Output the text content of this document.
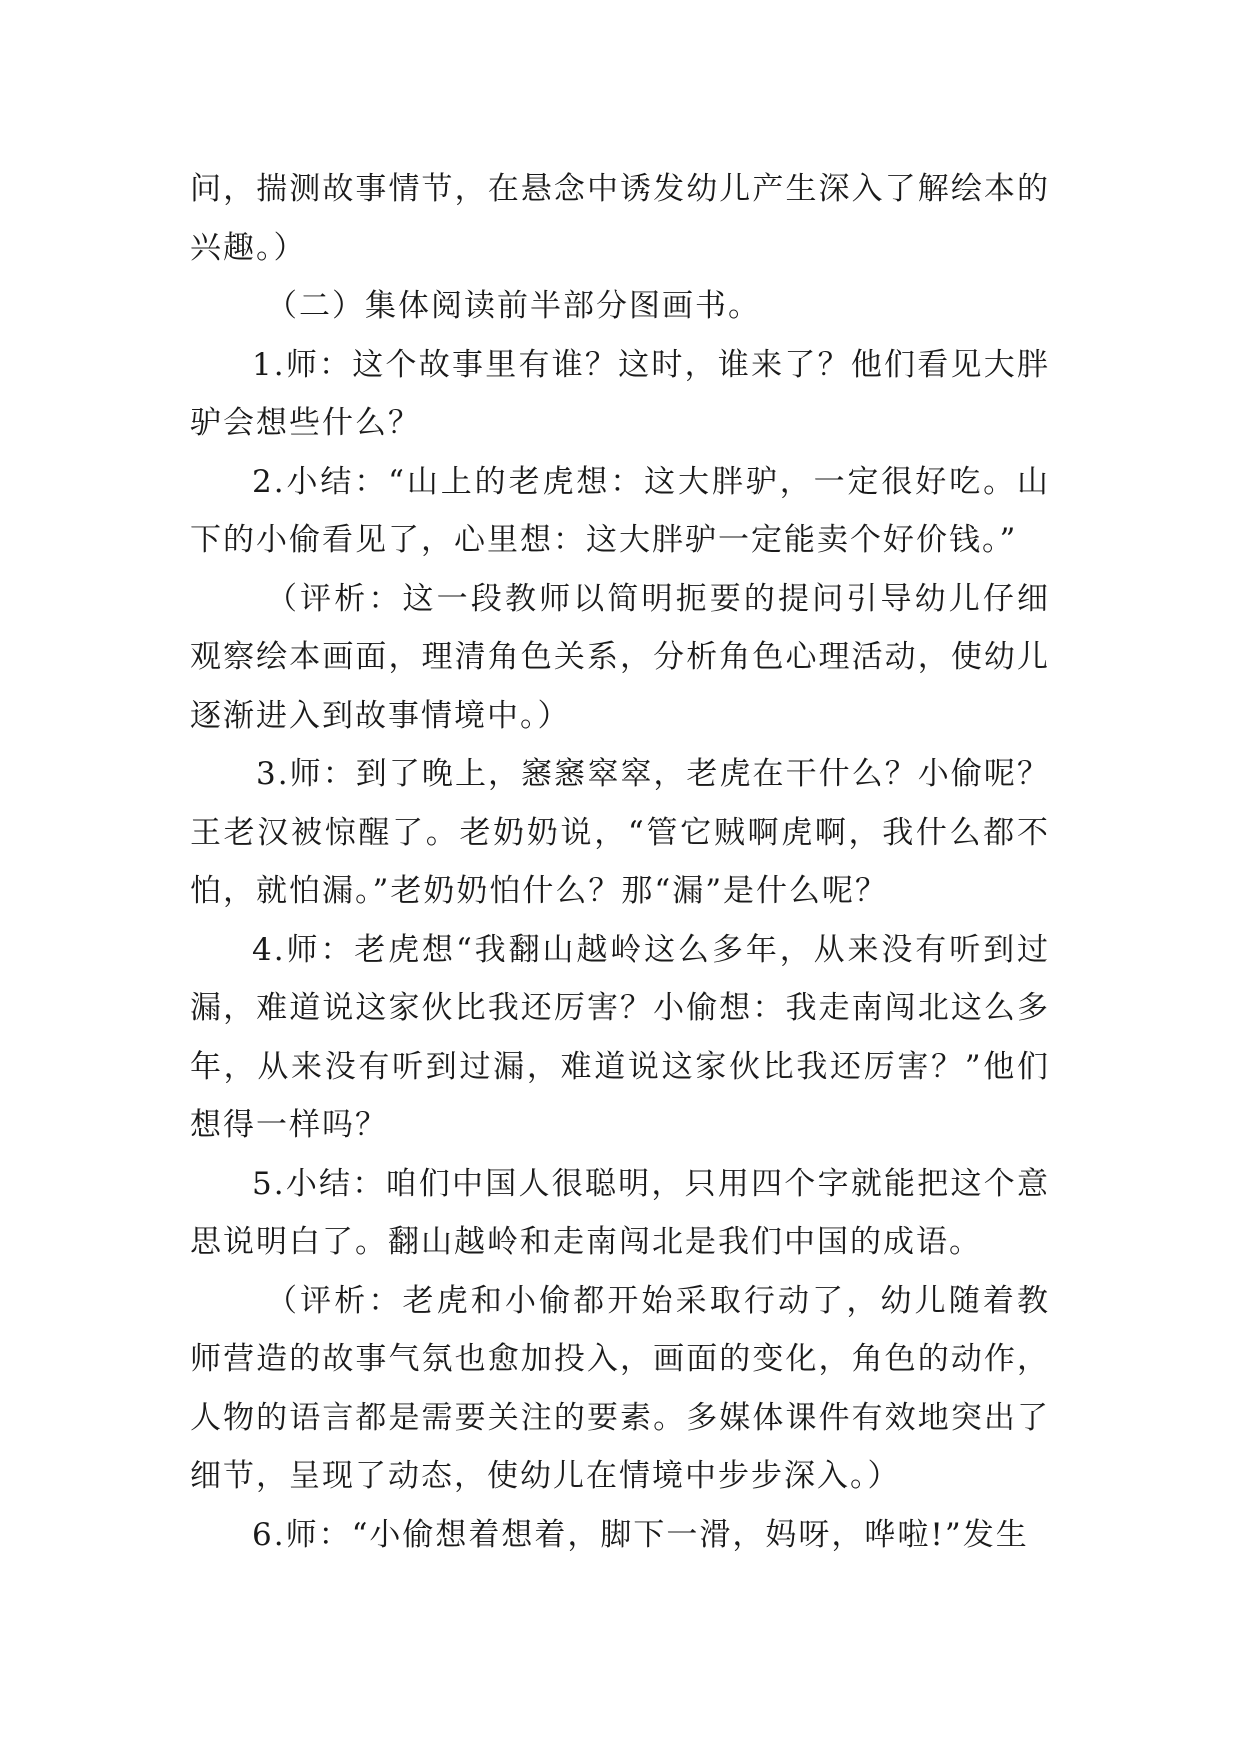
问，揣测故事情节，在悬念中诱发幼儿产生深入了解绘本的兴趣。）

（二）集体阅读前半部分图画书。

1.师：这个故事里有谁？这时，谁来了？他们看见大胖驴会想些什么？

2.小结：“山上的老虎想：这大胖驴，一定很好吃。山下的小偷看见了，心里想：这大胖驴一定能卖个好价钱。”

（评析：这一段教师以简明扼要的提问引导幼儿仔细观察绘本画面，理清角色关系，分析角色心理活动，使幼儿逐渐进入到故事情境中。）

3.师：到了晚上，窸窸窣窣，老虎在干什么？小偷呢？王老汉被惊醒了。老奶奶说，“管它贼啊虎啊，我什么都不怕，就怕漏。”老奶奶怕什么？那“漏”是什么呢？

4.师：老虎想“我翻山越岭这么多年，从来没有听到过漏，难道说这家伙比我还厉害？小偷想：我走南闯北这么多年，从来没有听到过漏，难道说这家伙比我还厉害？”他们想得一样吗？

5.小结：咱们中国人很聪明，只用四个字就能把这个意思说明白了。翻山越岭和走南闯北是我们中国的成语。

（评析：老虎和小偷都开始采取行动了，幼儿随着教师营造的故事气氛也愈加投入，画面的变化，角色的动作，人物的语言都是需要关注的要素。多媒体课件有效地突出了细节，呈现了动态，使幼儿在情境中步步深入。）

6.师：“小偷想着想着，脚下一滑，妈呀，哗啦!”发生
